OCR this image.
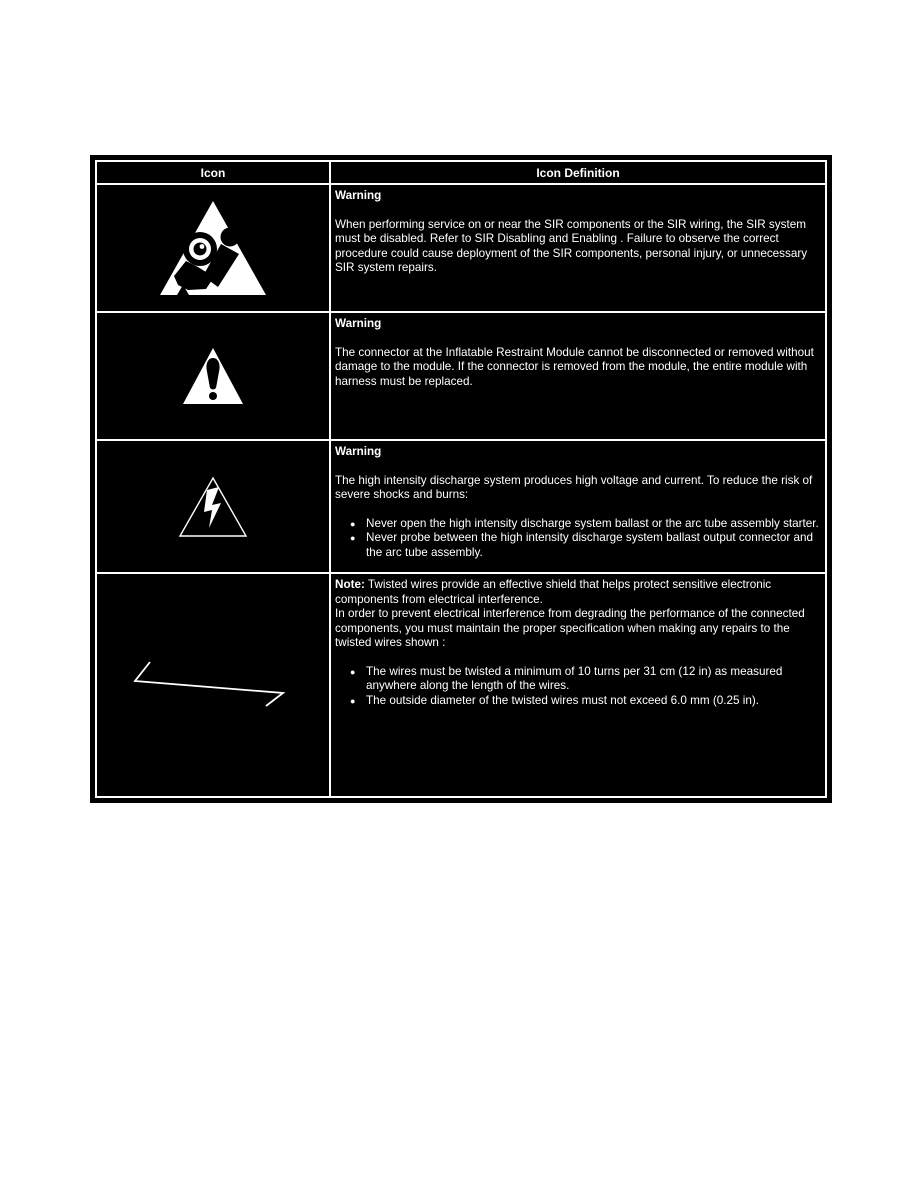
Icon	Icon Definition
Warning

When performing service on or near the SIR components or the SIR wiring, the SIR system must be disabled. Refer to SIR Disabling and Enabling . Failure to observe the correct procedure could cause deployment of the SIR components, personal injury, or unnecessary SIR system repairs.

Warning

The connector at the Inflatable Restraint Module cannot be disconnected or removed without damage to the module. If the connector is removed from the module, the entire module with harness must be replaced.

Warning

The high intensity discharge system produces high voltage and current. To reduce the risk of severe shocks and burns:

● Never open the high intensity discharge system ballast or the arc tube assembly starter.
● Never probe between the high intensity discharge system ballast output connector and the arc tube assembly.

Note: Twisted wires provide an effective shield that helps protect sensitive electronic components from electrical interference.

In order to prevent electrical interference from degrading the performance of the connected components, you must maintain the proper specification when making any repairs to the twisted wires shown :

● The wires must be twisted a minimum of 10 turns per 31 cm (12 in) as measured anywhere along the length of the wires.
● The outside diameter of the twisted wires must not exceed 6.0 mm (0.25 in).
